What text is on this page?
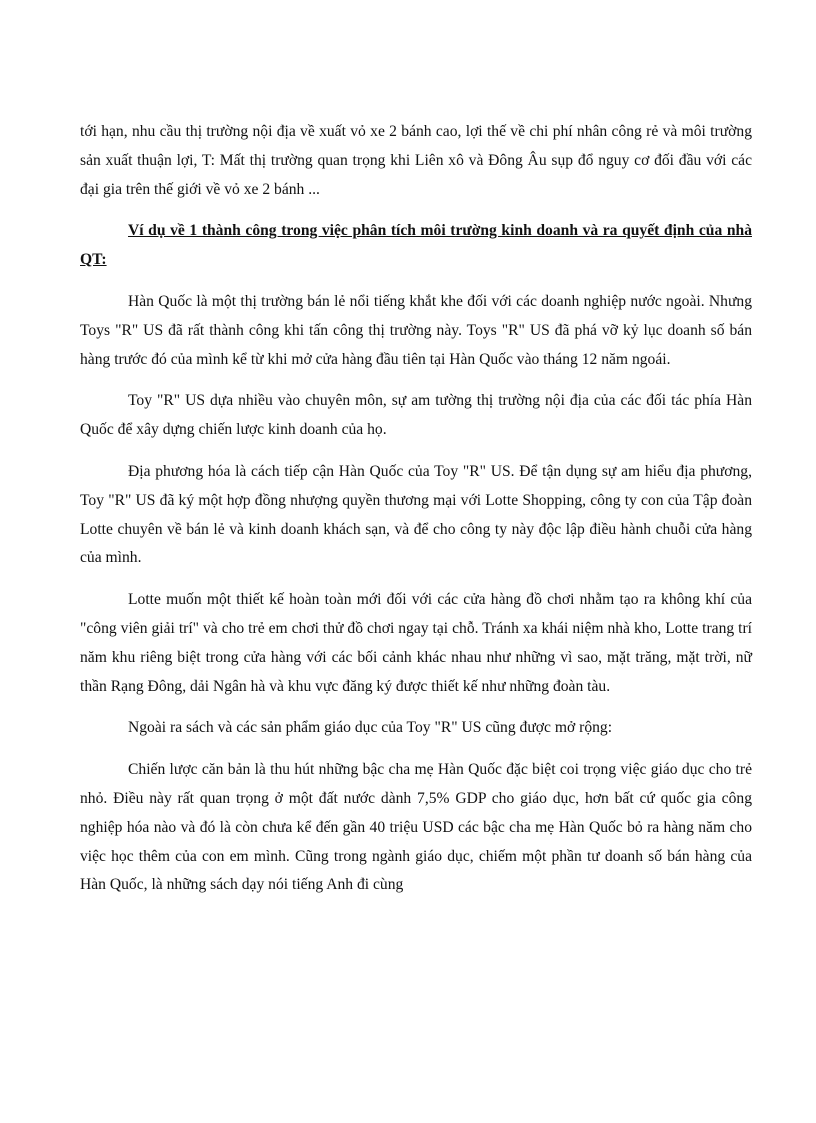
tới hạn, nhu cầu thị trường nội địa về xuất vỏ xe 2 bánh cao, lợi thế về chi phí nhân công rẻ và môi trường sản xuất thuận lợi, T: Mất thị trường quan trọng khi Liên xô và Đông Âu sụp đổ nguy cơ đối đầu với các đại gia trên thế giới về vỏ xe 2 bánh ...

Ví dụ về 1 thành công trong việc phân tích môi trường kinh doanh và ra quyết định của nhà QT:

Hàn Quốc là một thị trường bán lẻ nổi tiếng khắt khe đối với các doanh nghiệp nước ngoài. Nhưng Toys "R" US đã rất thành công khi tấn công thị trường này. Toys "R" US đã phá vỡ kỷ lục doanh số bán hàng trước đó của mình kể từ khi mở cửa hàng đầu tiên tại Hàn Quốc vào tháng 12 năm ngoái.

Toy "R" US dựa nhiều vào chuyên môn, sự am tường thị trường nội địa của các đối tác phía Hàn Quốc để xây dựng chiến lược kinh doanh của họ.

Địa phương hóa là cách tiếp cận Hàn Quốc của Toy "R" US. Để tận dụng sự am hiểu địa phương, Toy "R" US đã ký một hợp đồng nhượng quyền thương mại với Lotte Shopping, công ty con của Tập đoàn Lotte chuyên về bán lẻ và kinh doanh khách sạn, và để cho công ty này độc lập điều hành chuỗi cửa hàng của mình.

Lotte muốn một thiết kế hoàn toàn mới đối với các cửa hàng đồ chơi nhằm tạo ra không khí của "công viên giải trí" và cho trẻ em chơi thử đồ chơi ngay tại chỗ. Tránh xa khái niệm nhà kho, Lotte trang trí năm khu riêng biệt trong cửa hàng với các bối cảnh khác nhau như những vì sao, mặt trăng, mặt trời, nữ thần Rạng Đông, dải Ngân hà và khu vực đăng ký được thiết kế như những đoàn tàu.

Ngoài ra sách và các sản phẩm giáo dục của Toy "R" US cũng được mở rộng:

Chiến lược căn bản là thu hút những bậc cha mẹ Hàn Quốc đặc biệt coi trọng việc giáo dục cho trẻ nhỏ. Điều này rất quan trọng ở một đất nước dành 7,5% GDP cho giáo dục, hơn bất cứ quốc gia công nghiệp hóa nào và đó là còn chưa kể đến gần 40 triệu USD các bậc cha mẹ Hàn Quốc bỏ ra hàng năm cho việc học thêm của con em mình. Cũng trong ngành giáo dục, chiếm một phần tư doanh số bán hàng của Hàn Quốc, là những sách dạy nói tiếng Anh đi cùng
